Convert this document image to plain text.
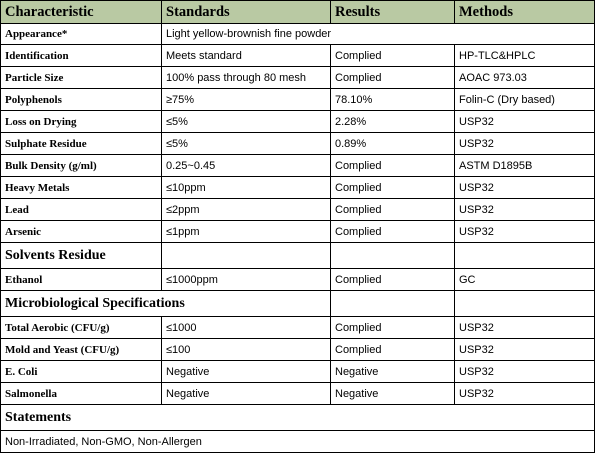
Characteristic	Standards	Results	Methods
Appearance*	Light yellow-brownish fine powder		
Identification	Meets standard	Complied	HP-TLC&HPLC
Particle Size	100% pass through 80 mesh	Complied	AOAC 973.03
Polyphenols	≥75%	78.10%	Folin-C (Dry based)
Loss on Drying	≤5%	2.28%	USP32
Sulphate Residue	≤5%	0.89%	USP32
Bulk Density (g/ml)	0.25~0.45	Complied	ASTM D1895B
Heavy Metals	≤10ppm	Complied	USP32
Lead	≤2ppm	Complied	USP32
Arsenic	≤1ppm	Complied	USP32
Solvents Residue			
Ethanol	≤1000ppm	Complied	GC
Microbiological Specifications			
Total Aerobic (CFU/g)	≤1000	Complied	USP32
Mold and Yeast (CFU/g)	≤100	Complied	USP32
E. Coli	Negative	Negative	USP32
Salmonella	Negative	Negative	USP32
Statements			
Non-Irradiated, Non-GMO, Non-Allergen			
